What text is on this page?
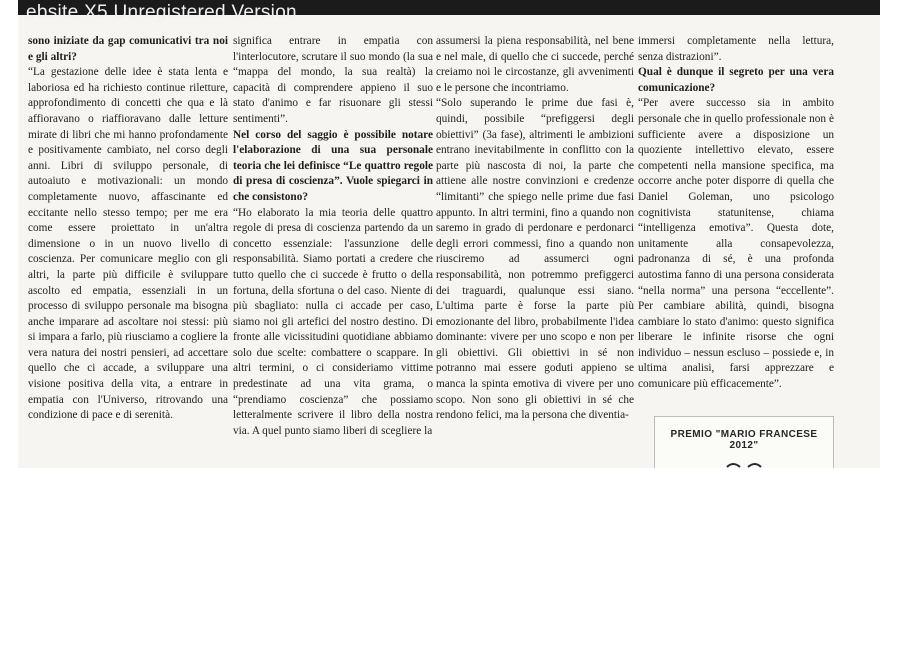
ebsite X5 Unregistered Version

sono iniziate da gap comunicativi tra noi e gli altri?

“La gestazione delle idee è stata lenta e laboriosa ed ha richiesto continue riletture, approfondimento di concetti che qua e là affioravano o riaffioravano dalle letture mirate di libri che mi hanno profondamente e positivamente cambiato, nel corso degli anni. Libri di sviluppo personale, di autoaiuto e motivazionali: un mondo completamente nuovo, affascinante ed eccitante nello stesso tempo; per me era come essere proiettato in un'altra dimensione o in un nuovo livello di coscienza. Per comunicare meglio con gli altri, la parte più difficile è sviluppare ascolto ed empatia, essenziali in un processo di sviluppo personale ma bisogna anche imparare ad ascoltare noi stessi: più si impara a farlo, più riusciamo a cogliere la vera natura dei nostri pensieri, ad accettare quello che ci accade, a sviluppare una visione positiva della vita, a entrare in empatia con l'Universo, ritrovando una condizione di pace e di serenità.

significa entrare in empatia con l'interlocutore, scrutare il suo mondo (la sua “mappa del mondo, la sua realtà) la capacità di comprendere appieno il suo stato d'animo e far risuonare gli stessi sentimenti”.

Nel corso del saggio è possibile notare l'elaborazione di una sua personale teoria che lei definisce “Le quattro regole di presa di coscienza”. Vuole spiegarci in che consistono?

“Ho elaborato la mia teoria delle quattro regole di presa di coscienza partendo da un concetto essenziale: l'assunzione delle responsabilità. Siamo portati a credere che tutto quello che ci succede è frutto o della fortuna, della sfortuna o del caso. Niente di più sbagliato: nulla ci accade per caso, siamo noi gli artefici del nostro destino. Di fronte alle vicissitudini quotidiane abbiamo solo due scelte: combattere o scappare. In altri termini, o ci consideriamo vittime predestinate ad una vita grama, o “prendiamo coscienza” che possiamo letteralmente scrivere il libro della nostra via. A quel punto siamo liberi di scegliere la

assumersi la piena responsabilità, nel bene e nel male, di quello che ci succede, perché creiamo noi le circostanze, gli avvenimenti e le persone che incontriamo.

“Solo superando le prime due fasi è, quindi, possibile “prefiggersi degli obiettivi” (3a fase), altrimenti le ambizioni entrano inevitabilmente in conflitto con la parte più nascosta di noi, la parte che attiene alle nostre convinzioni e credenze “limitanti” che spiego nelle prime due fasi appunto. In altri termini, fino a quando non saremo in grado di perdonare e perdonarci degli errori commessi, fino a quando non riusciremo ad assumerci ogni responsabilità, non potremmo prefiggerci dei traguardi, qualunque essi siano. L'ultima parte è forse la parte più emozionante del libro, probabilmente l'idea dominante: vivere per uno scopo e non per gli obiettivi. Gli obiettivi in sé non potranno mai essere goduti appieno se manca la spinta emotiva di vivere per uno scopo. Non sono gli obiettivi in sé che rendono felici, ma la persona che diventia-

immersi completamente nella lettura, senza distrazioni”.

Qual è dunque il segreto per una vera comunicazione?

“Per avere successo sia in ambito personale che in quello professionale non è sufficiente avere a disposizione un quoziente intellettivo elevato, essere competenti nella mansione specifica, ma occorre anche poter disporre di quella che Daniel Goleman, uno psicologo cognitivista statunitense, chiama “intelligenza emotiva”. Questa dote, unitamente alla consapevolezza, padronanza di sé, è una profonda autostima fanno di una persona considerata “nella norma” una persona “eccellente”. Per cambiare abilità, quindi, bisogna cambiare lo stato d'animo: questo significa liberare le infinite risorse che ogni individuo – nessun escluso – possiede e, in ultima analisi, farsi apprezzare e comunicare più efficacemente”.

PREMIO "MARIO FRANCESE 2012"
